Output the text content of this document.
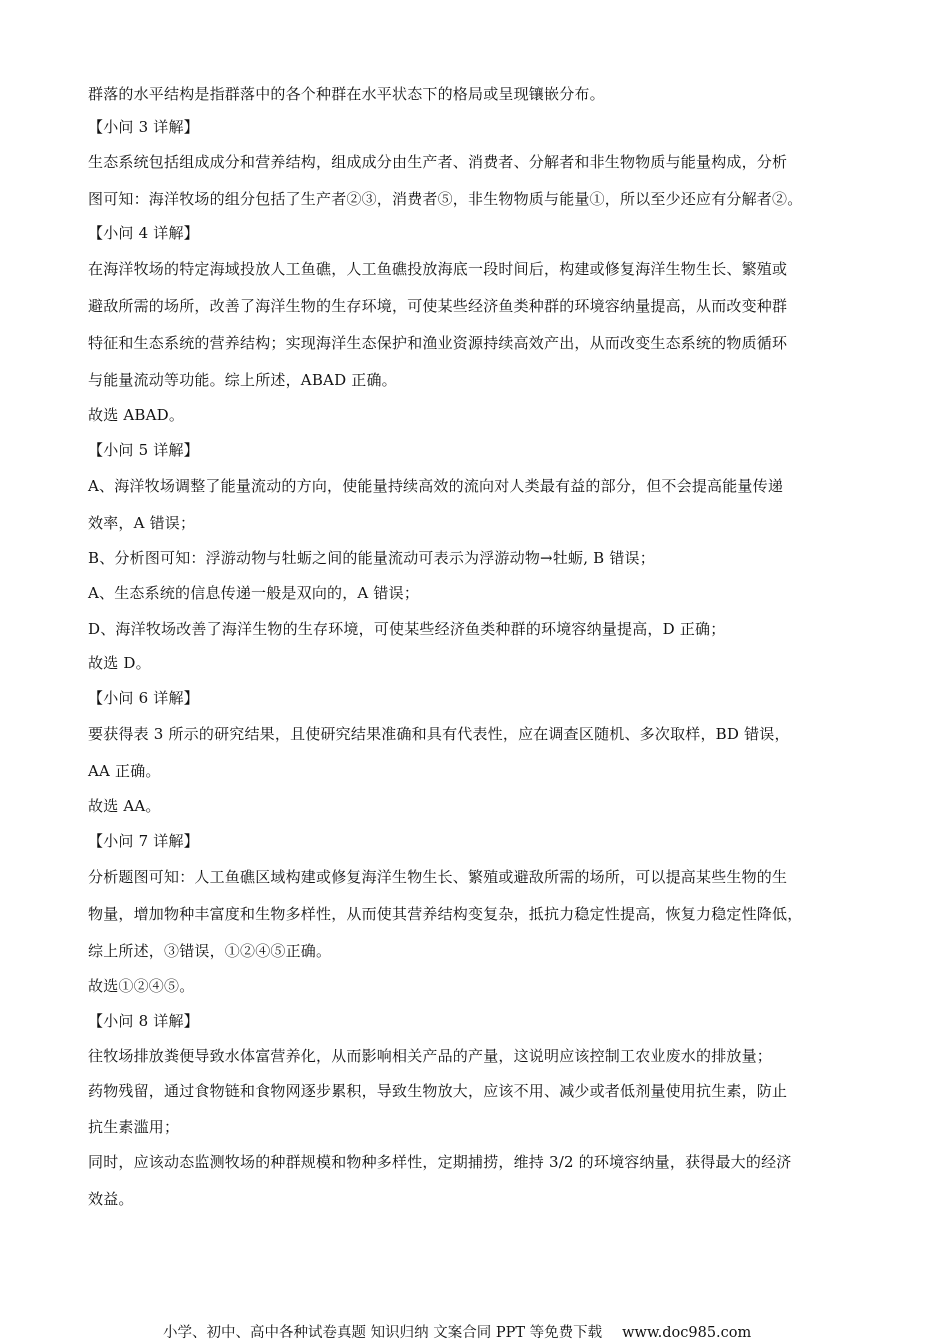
群落的水平结构是指群落中的各个种群在水平状态下的格局或呈现镶嵌分布。
【小问 3 详解】
生态系统包括组成成分和营养结构，组成成分由生产者、消费者、分解者和非生物物质与能量构成，分析
图可知：海洋牧场的组分包括了生产者②③，消费者⑤，非生物物质与能量①，所以至少还应有分解者②。
【小问 4 详解】
在海洋牧场的特定海域投放人工鱼礁，人工鱼礁投放海底一段时间后，构建或修复海洋生物生长、繁殖或
避敌所需的场所，改善了海洋生物的生存环境，可使某些经济鱼类种群的环境容纳量提高，从而改变种群
特征和生态系统的营养结构；实现海洋生态保护和渔业资源持续高效产出，从而改变生态系统的物质循环
与能量流动等功能。综上所述，ABAD 正确。
故选 ABAD。
【小问 5 详解】
A、海洋牧场调整了能量流动的方向，使能量持续高效的流向对人类最有益的部分，但不会提高能量传递
效率，A 错误；
B、分析图可知：浮游动物与牡蛎之间的能量流动可表示为浮游动物→牡蛎, B 错误；
A、生态系统的信息传递一般是双向的，A 错误；
D、海洋牧场改善了海洋生物的生存环境，可使某些经济鱼类种群的环境容纳量提高，D 正确；
故选 D。
【小问 6 详解】
要获得表 3 所示的研究结果，且使研究结果准确和具有代表性，应在调查区随机、多次取样，BD 错误，
AA 正确。
故选 AA。
【小问 7 详解】
分析题图可知：人工鱼礁区域构建或修复海洋生物生长、繁殖或避敌所需的场所，可以提高某些生物的生
物量，增加物种丰富度和生物多样性，从而使其营养结构变复杂，抵抗力稳定性提高，恢复力稳定性降低，
综上所述，③错误，①②④⑤正确。
故选①②④⑤。
【小问 8 详解】
往牧场排放粪便导致水体富营养化，从而影响相关产品的产量，这说明应该控制工农业废水的排放量；
药物残留，通过食物链和食物网逐步累积，导致生物放大，应该不用、减少或者低剂量使用抗生素，防止
抗生素滥用；
同时，应该动态监测牧场的种群规模和物种多样性，定期捕捞，维持 3/2 的环境容纳量，获得最大的经济
效益。
小学、初中、高中各种试卷真题 知识归纳 文案合同 PPT 等免费下载 www.doc985.com
